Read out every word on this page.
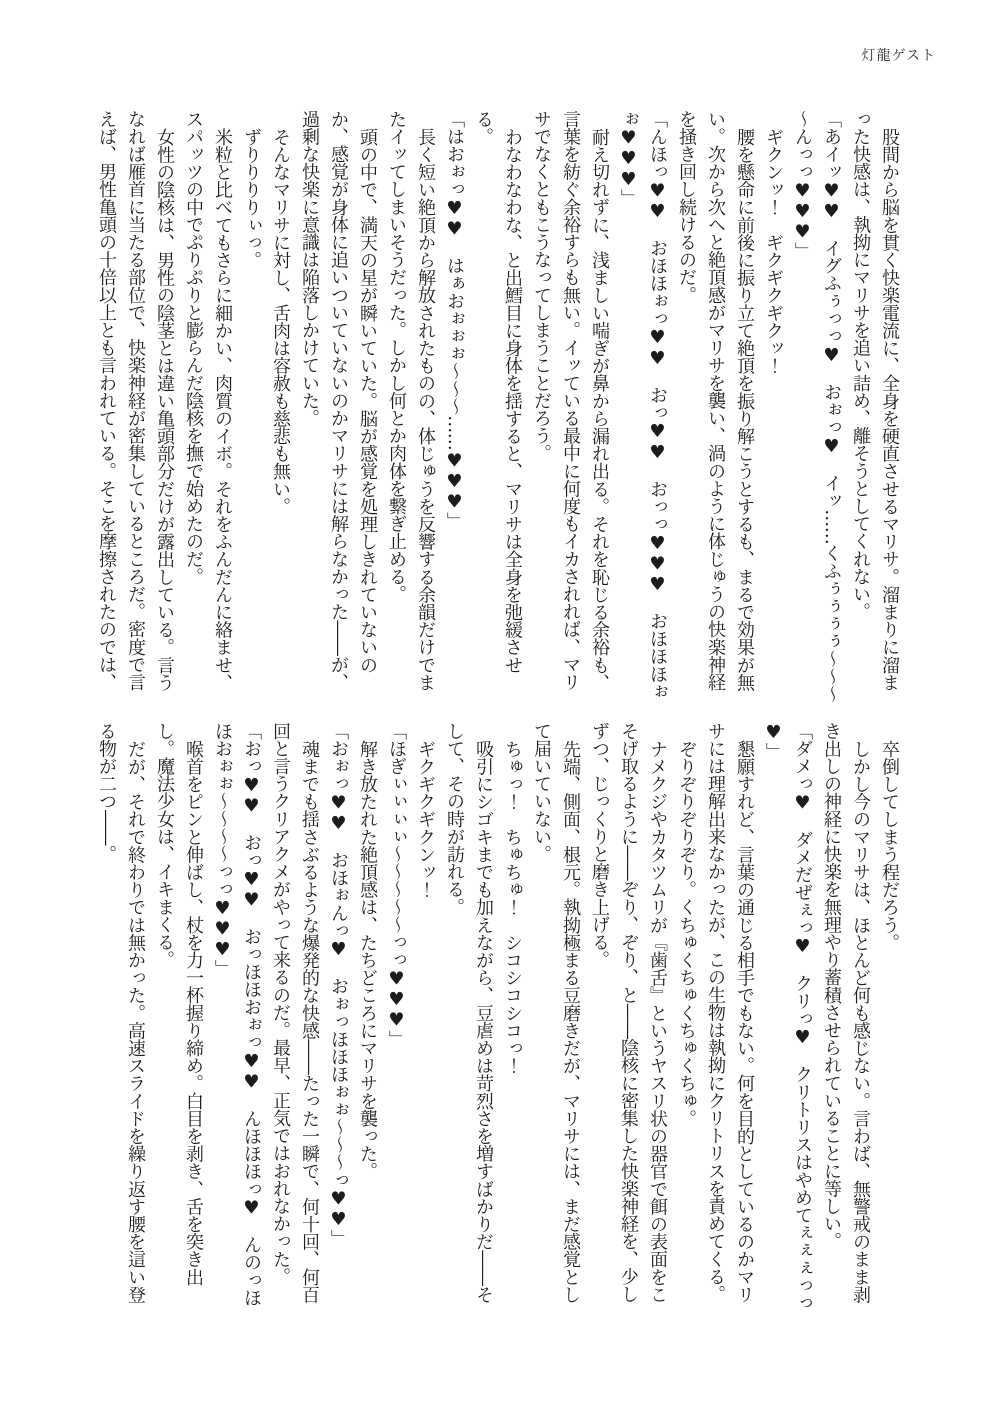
灯龍ゲスト

股間から脳を貫く快楽電流に、全身を硬直させるマリサ。溜まりに溜まった快感は、執拗にマリサを追い詰め、離そうとしてくれない。

「あイッ♥♥　イグふぅっっ♥　おぉっ♥　イッ……くふぅぅぅぅ～～～～んっっ♥♥♥」

ギクンッ！　ギクギクギクッ！

腰を懸命に前後に振り立て絶頂を振り解こうとするも、まるで効果が無い。次から次へと絶頂感がマリサを襲い、渦のように体じゅうの快楽神経を掻き回し続けるのだ。

「んほっ♥♥　おほほぉっ♥♥　おっ♥♥　おっっ♥♥♥　おほほほぉぉ♥♥♥」

耐え切れずに、浅ましい喘ぎが鼻から漏れ出る。それを恥じる余裕も、言葉を紡ぐ余裕すらも無い。イッている最中に何度もイカされれば、マリサでなくともこうなってしまうことだろう。

わなわなわな、と出鱈目に身体を揺すると、マリサは全身を弛緩させる。

「はおぉっ♥♥　はぁおぉぉぉ～～～……♥♥♥」

長く短い絶頂から解放されたものの、体じゅうを反響する余韻だけでまたイッてしまいそうだった。しかし何とか肉体を繋ぎ止める。

頭の中で、満天の星が瞬いていた。脳が感覚を処理しきれていないのか、感覚が身体に追いついていないのかマリサには解らなかった――が、過剰な快楽に意識は陥落しかけていた。

そんなマリサに対し、舌肉は容赦も慈悲も無い。

ずりりりりぃっ。

米粒と比べてもさらに細かい、肉質のイボ。それをふんだんに絡ませ、スパッツの中でぷりぷりと膨らんだ陰核を撫で始めたのだ。

女性の陰核は、男性の陰茎とは違い亀頭部分だけが露出している。言うなれば雁首に当たる部位で、快楽神経が密集しているところだ。密度で言えば、男性亀頭の十倍以上とも言われている。そこを摩擦されたのでは、

卒倒してしまう程だろう。

しかし今のマリサは、ほとんど何も感じない。言わば、無警戒のまま剥き出しの神経に快楽を無理やり蓄積させられていることに等しい。

「ダメっ♥　ダメだぜぇっ♥　クリっ♥　クリトリスはやめてぇぇぇっっ♥」

懇願すれど、言葉の通じる相手でもない。何を目的としているのかマリサには理解出来なかったが、この生物は執拗にクリトリスを責めてくる。

ぞりぞりぞりぞり。くちゅくちゅくちゅくちゅ。

ナメクジやカタツムリが『歯舌』というヤスリ状の器官で餌の表面をこそげ取るように――ぞり、ぞり、と――陰核に密集した快楽神経を、少しずつ、じっくりと磨き上げる。

先端、側面、根元。執拗極まる豆磨きだが、マリサには、まだ感覚として届いていない。

ちゅっ！　ちゅちゅ！　シコシコシコっ！

吸引にシゴキまでも加えながら、豆虐めは苛烈さを増すばかりだ――そして、その時が訪れる。

ギクギクギクンッ！

「ほぎぃぃぃぃ～～～～～っっ♥♥♥」

解き放たれた絶頂感は、たちどころにマリサを襲った。

「おぉっ♥♥　おほぉんっ♥　おぉっほほほぉぉ～～～っ♥♥」

魂までも揺さぶるような爆発的な快感――たった一瞬で、何十回、何百回と言うクリアクメがやって来るのだ。最早、正気ではおれなかった。

「おっ♥♥　おっ♥♥　おっほほおぉっ♥♥　んほほほっ♥　んのっほほおぉぉ～～～～っっ♥♥♥」

喉首をピンと伸ばし、杖を力一杯握り締め。白目を剥き、舌を突き出し。魔法少女は、イキまくる。

だが、それで終わりでは無かった。高速スライドを繰り返す腰を這い登る物が二つ――。
